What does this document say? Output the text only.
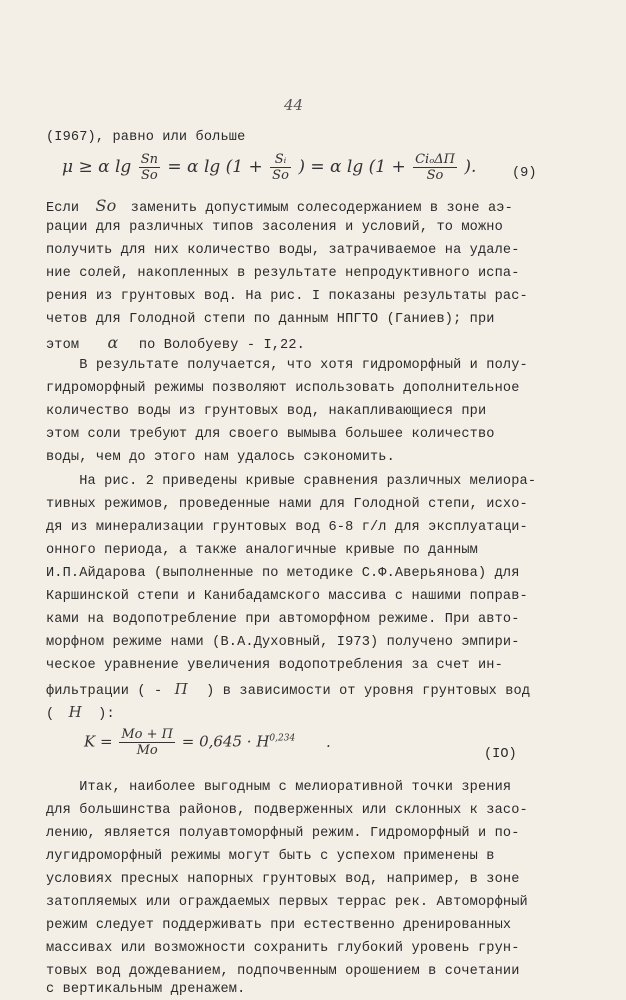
44
(I967), равно или больше
μ ≥ α $\lg \frac{Sп}{So} = \alpha$ $\lg (1 + \frac{\text{Sᵢ}}{So}$ ) = α $\lg (1 + \frac{\text{CiₒΔΠ}}{So}$ ).	(9)
Если So заменить допустимым солесодержанием в зоне аэ-
рации для различных типов засоления и условий, то можно
получить для них количество воды, затрачиваемое на удале-
ние солей, накопленных в результате непродуктивного испа-
рения из грунтовых вод. На рис. I показаны результаты рас-
четов для Голодной степи по данным НПГТО (Ганиев); при
этом α по Волобуеву - I,22.
В результате получается, что хотя гидроморфный и полу-
гидроморфный режимы позволяют использовать дополнительное
количество воды из грунтовых вод, накапливающиеся при
этом соли требуют для своего вымыва большее количество
воды, чем до этого нам удалось сэкономить.
На рис. 2 приведены кривые сравнения различных мелиора-
тивных режимов, проведенные нами для Голодной степи, исхо-
дя из минерализации грунтовых вод 6-8 г/л для эксплуатаци-
онного периода, а также аналогичные кривые по данным
И.П.Айдарова (выполненные по методике С.Ф.Аверьянова) для
Каршинской степи и Канибадамского массива с нашими поправ-
ками на водопотребление при автоморфном режиме. При авто-
морфном режиме нами (В.А.Духовный, I973) получено эмпири-
ческое уравнение увеличения водопотребления за счет ин-
фильтрации ( - П ) в зависимости от уровня грунтовых вод
( Н ):
$K = \frac{Mo + П}{Mo} = 0,645 \cdot H^{0,234}$ .
(IO)
Итак, наиболее выгодным с мелиоративной точки зрения
для большинства районов, подверженных или склонных к засо-
лению, является полуавтоморфный режим. Гидроморфный и по-
лугидроморфный режимы могут быть с успехом применены в
условиях пресных напорных грунтовых вод, например, в зоне
затопляемых или ограждаемых первых террас рек. Автоморфный
режим следует поддерживать при естественно дренированных
массивах или возможности сохранить глубокий уровень грун-
товых вод дождеванием, подпочвенным орошением в сочетании
с вертикальным дренажем.
